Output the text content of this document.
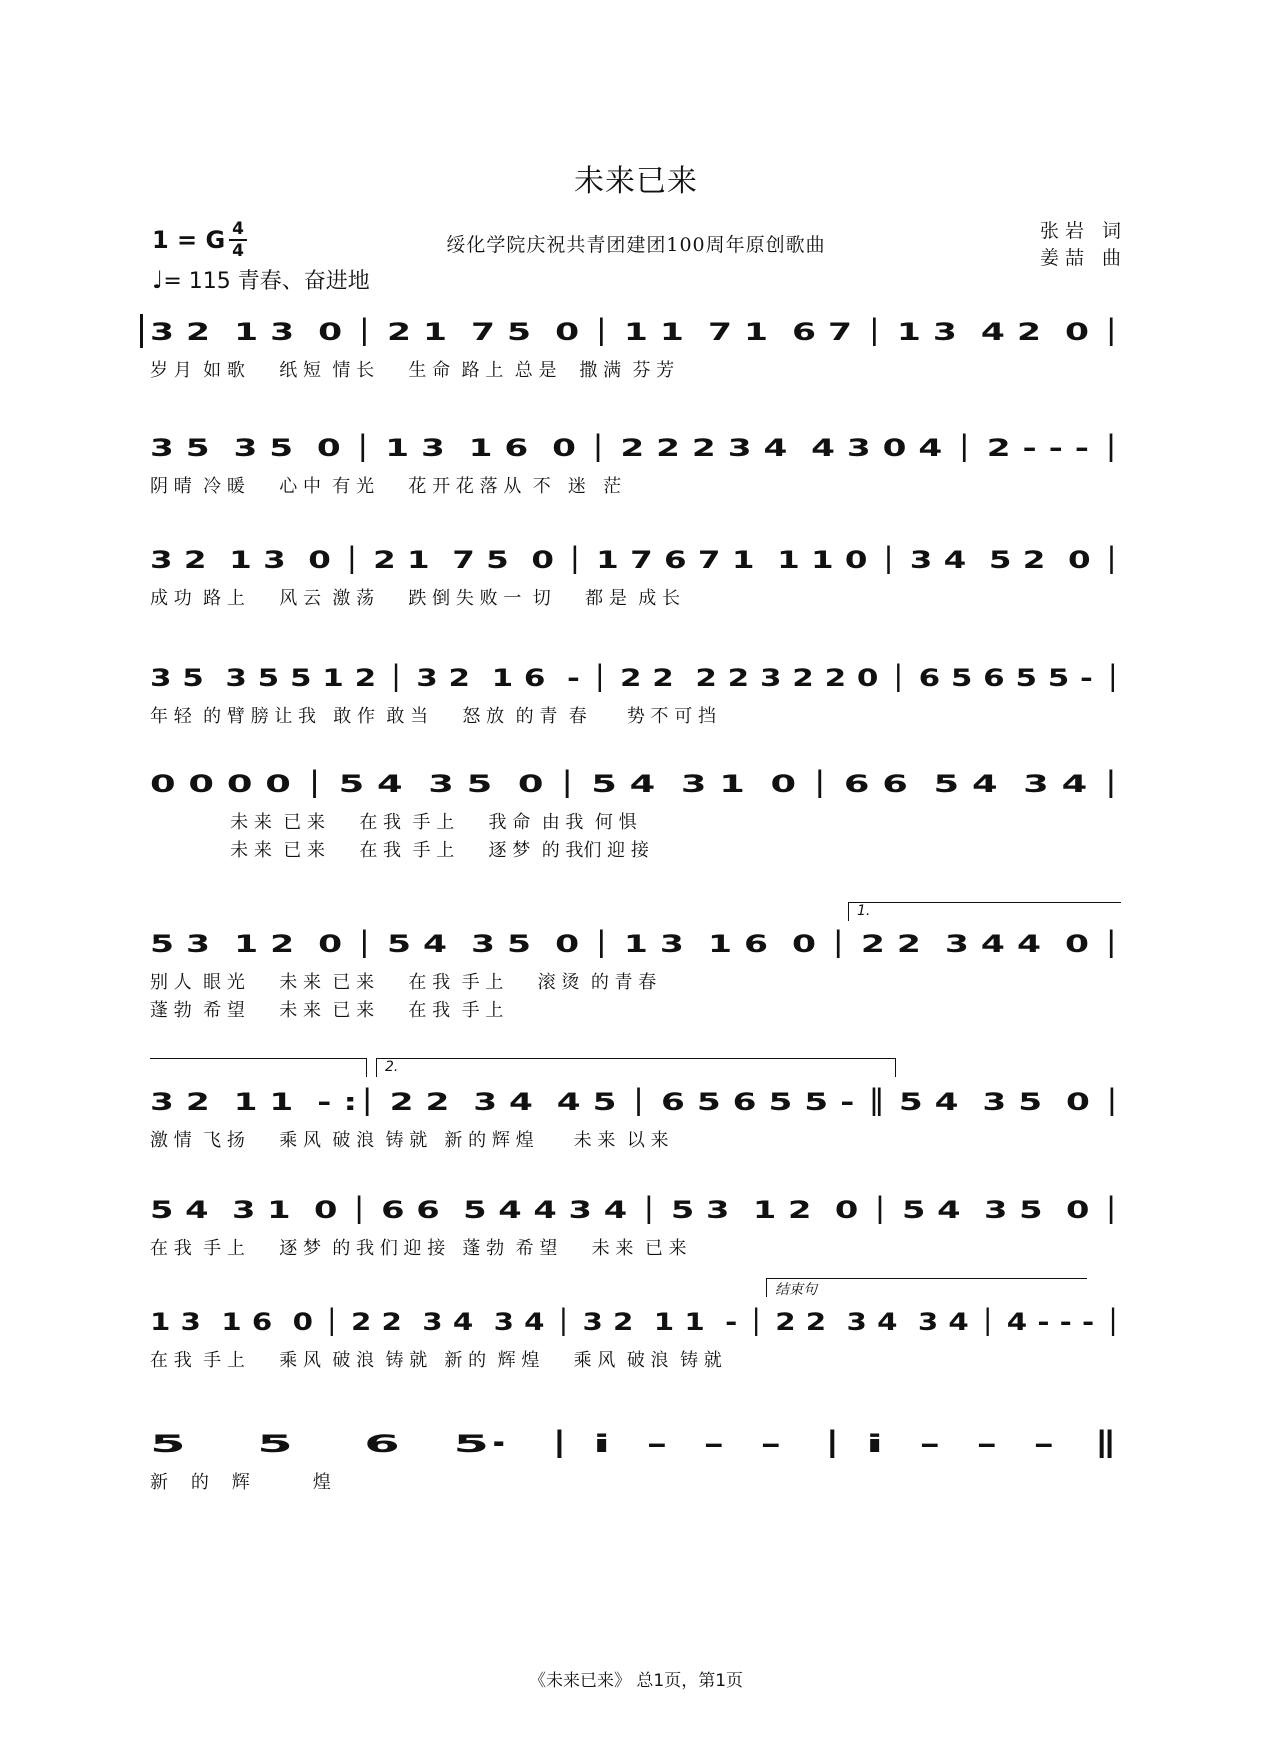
未来已来
1 = G 4
4
♩= 115 青春、奋进地
绥化学院庆祝共青团建团100周年原创歌曲
张岩 词
姜喆 曲
3 2  1 3  0 │ 2 1  7 5  0 │ 1 1  7 1  6 7 │ 1 3  4 2  0 │
岁 月  如 歌      纸 短  情 长      生 命  路 上  总 是    撒 满  芬 芳
3 5  3 5  0 │ 1 3  1 6  0 │ 2 2 2 3 4  4 3 0 4 │ 2 - - - │
阴 晴  冷 暖      心 中  有 光      花 开 花 落 从  不   迷   茫
3 2  1 3  0 │ 2 1  7 5  0 │ 1 7 6 7 1  1 1 0 │ 3 4  5 2  0 │
成 功  路 上      风 云  激 荡      跌 倒 失 败 一  切      都 是  成 长
3 5  3 5 5 1 2 │ 3 2  1 6  - │ 2 2  2 2 3 2 2 0 │ 6 5 6 5 5 - │
年 轻  的 臂 膀 让 我   敢 作  敢 当      怒 放  的 青  春       势 不 可 挡
0 0 0 0 │ 5 4  3 5  0 │ 5 4  3 1  0 │ 6 6  5 4  3 4 │
未 来  已 来      在 我  手 上      我 命  由 我  何 惧
未 来  已 来      在 我  手 上      逐 梦  的 我们 迎 接
5 3  1 2  0 │ 5 4  3 5  0 │ 1 3  1 6  0 │ 2 2  3 4 4  0 │
别 人  眼 光      未 来  已 来      在 我  手 上      滚 烫  的 青 春
蓬 勃  希 望      未 来  已 来      在 我  手 上
3 2  1 1  - :│ 2 2  3 4  4 5 │ 6 5 6 5 5 - ║ 5 4  3 5  0 │
激 情  飞 扬      乘 风  破 浪  铸 就   新 的 辉 煌       未 来  以 来
5 4  3 1  0 │ 6 6  5 4 4 3 4 │ 5 3  1 2  0 │ 5 4  3 5  0 │
在 我  手 上      逐 梦  的 我 们 迎 接   蓬 勃  希 望      未 来  已 来
1 3  1 6  0 │ 2 2  3 4  3 4 │ 3 2  1 1  - │ 2 2  3 4  3 4 │ 4 - - - │
在 我  手 上      乘 风  破 浪  铸 就   新 的  辉 煌      乘 风  破 浪  铸 就
5    5    6   5·  │ i  -  -  -  │ i  -  -  -  ║
新    的    辉           煌
1.
2.
结束句
《未来已来》 总1页，第1页
